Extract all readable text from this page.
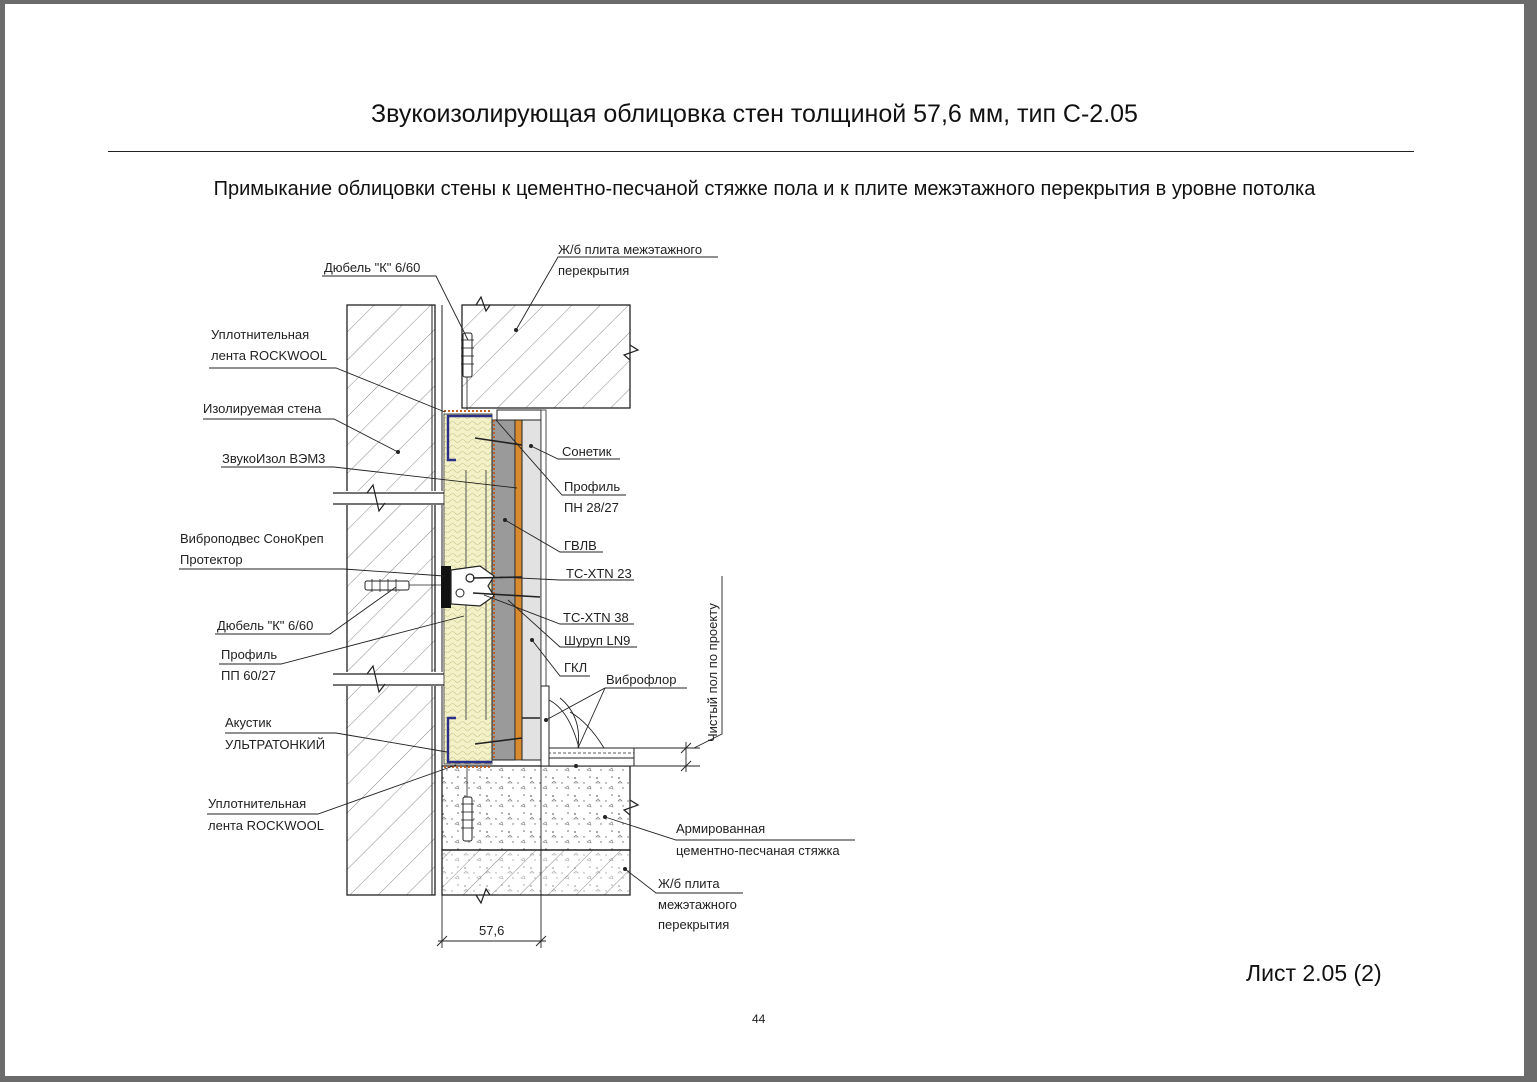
Звукоизолирующая облицовка стен толщиной 57,6 мм, тип С-2.05
Примыкание облицовки стены к цементно-песчаной стяжке пола и к плите межэтажного перекрытия в уровне потолка
Дюбель "К" 6/60
Ж/б плита межэтажного
перекрытия
Уплотнительная
лента ROCKWOOL
Изолируемая стена
ЗвукоИзол ВЭМ3	Сонетик
Профиль
ПН 28/27
Виброподвес СоноКреп
Протектор
ГВЛВ
TC-XTN 23
TC-XTN 38
Дюбель "К" 6/60
Шуруп LN9
Профиль
ПП 60/27
ГКЛ
Виброфлор Чистый пол по проекту
Акустик
УЛЬТРАТОНКИЙ
Уплотнительная
лента ROCKWOOL	Армированная
цементно-песчаная стяжка
Ж/б плита
межэтажного
перекрытия
57,6
Лист 2.05 (2)
44
